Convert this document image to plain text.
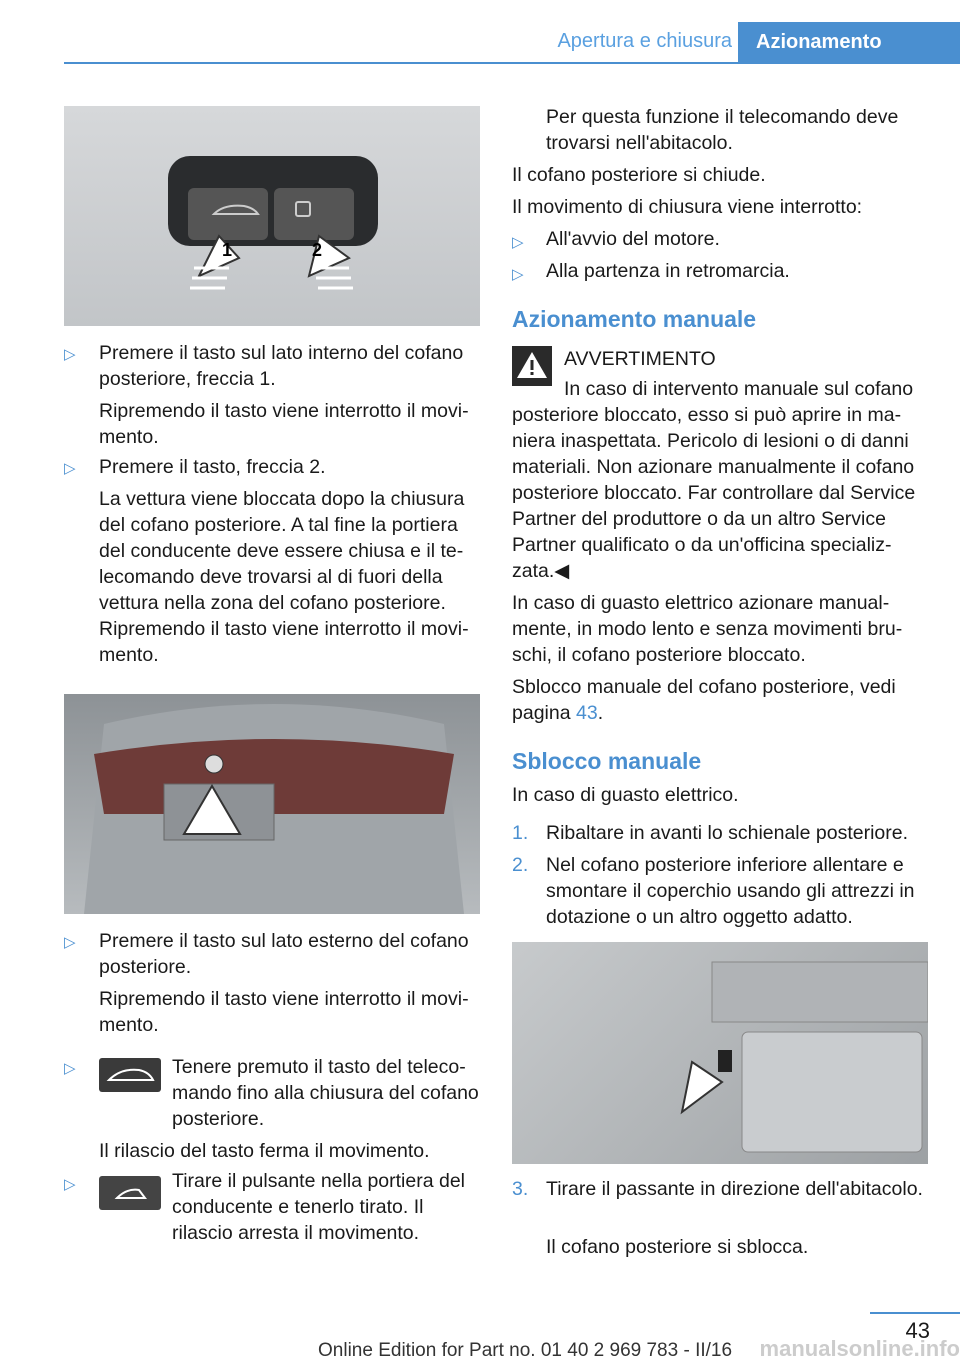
Apertura e chiusura	Azionamento
1	2
▷ Premere il tasto sul lato interno del cofano posteriore, freccia 1.

Ripremendo il tasto viene interrotto il movimento.

▷ Premere il tasto, freccia 2.

La vettura viene bloccata dopo la chiusura del cofano posteriore. A tal fine la portiera del conducente deve essere chiusa e il telecomando deve trovarsi al di fuori della vettura nella zona del cofano posteriore.

Ripremendo il tasto viene interrotto il movimento.

▷ Premere il tasto sul lato esterno del cofano posteriore.

Ripremendo il tasto viene interrotto il movimento.

▷	Tenere premuto il tasto del telecomando fino alla chiusura del cofano posteriore.

Il rilascio del tasto ferma il movimento.

▷	Tirare il pulsante nella portiera del conducente e tenerlo tirato. Il rilascio arresta il movimento.

Per questa funzione il telecomando deve trovarsi nell'abitacolo.

Il cofano posteriore si chiude.

Il movimento di chiusura viene interrotto:

▷ All'avvio del motore.

▷ Alla partenza in retromarcia.

Azionamento manuale

AVVERTIMENTO

In caso di intervento manuale sul cofano posteriore bloccato, esso si può aprire in maniera inaspettata. Pericolo di lesioni o di danni materiali. Non azionare manualmente il cofano posteriore bloccato. Far controllare dal Service Partner del produttore o da un altro Service Partner qualificato o da un'officina specializzata.◀

In caso di guasto elettrico azionare manualmente, in modo lento e senza movimenti bruschi, il cofano posteriore bloccato.

Sblocco manuale del cofano posteriore, vedi pagina 43.

Sblocco manuale

In caso di guasto elettrico.

1. Ribaltare in avanti lo schienale posteriore.

2. Nel cofano posteriore inferiore allentare e smontare il coperchio usando gli attrezzi in dotazione o un altro oggetto adatto.

3. Tirare il passante in direzione dell'abitacolo.

Il cofano posteriore si sblocca.

43
Online Edition for Part no. 01 40 2 969 783 - II/16 manualsonline.info
